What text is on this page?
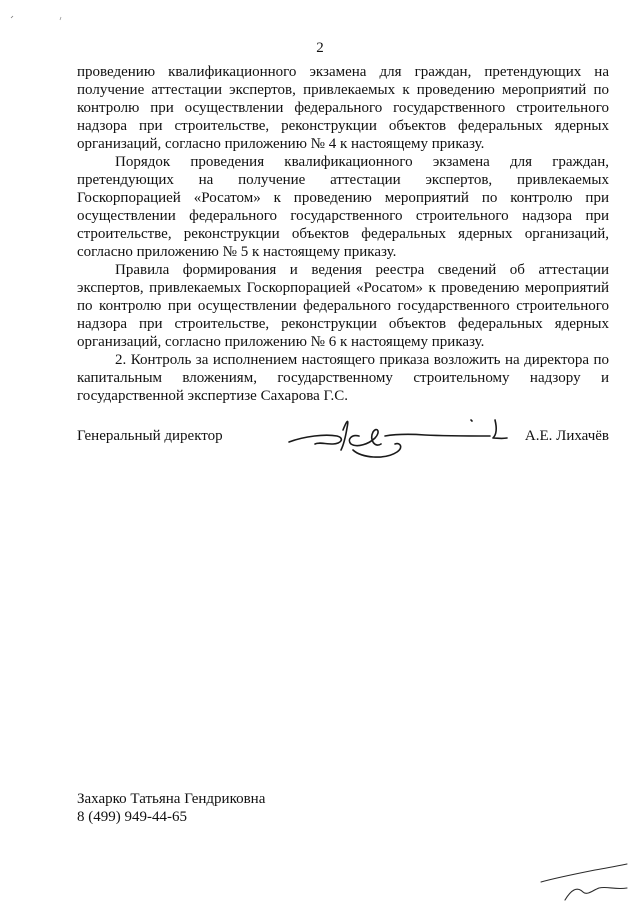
2

проведению квалификационного экзамена для граждан, претендующих на получение аттестации экспертов, привлекаемых к проведению мероприятий по контролю при осуществлении федерального государственного строительного надзора при строительстве, реконструкции объектов федеральных ядерных организаций, согласно приложению № 4 к настоящему приказу.

Порядок проведения квалификационного экзамена для граждан, претендующих на получение аттестации экспертов, привлекаемых Госкорпорацией «Росатом» к проведению мероприятий по контролю при осуществлении федерального государственного строительного надзора при строительстве, реконструкции объектов федеральных ядерных организаций, согласно приложению № 5 к настоящему приказу.

Правила формирования и ведения реестра сведений об аттестации экспертов, привлекаемых Госкорпорацией «Росатом» к проведению мероприятий по контролю при осуществлении федерального государственного строительного надзора при строительстве, реконструкции объектов федеральных ядерных организаций, согласно приложению № 6 к настоящему приказу.

2. Контроль за исполнением настоящего приказа возложить на директора по капитальным вложениям, государственному строительному надзору и государственной экспертизе Сахарова Г.С.

Генеральный директор	А.Е. Лихачёв
Захарко Татьяна Гендриковна
8 (499) 949-44-65
